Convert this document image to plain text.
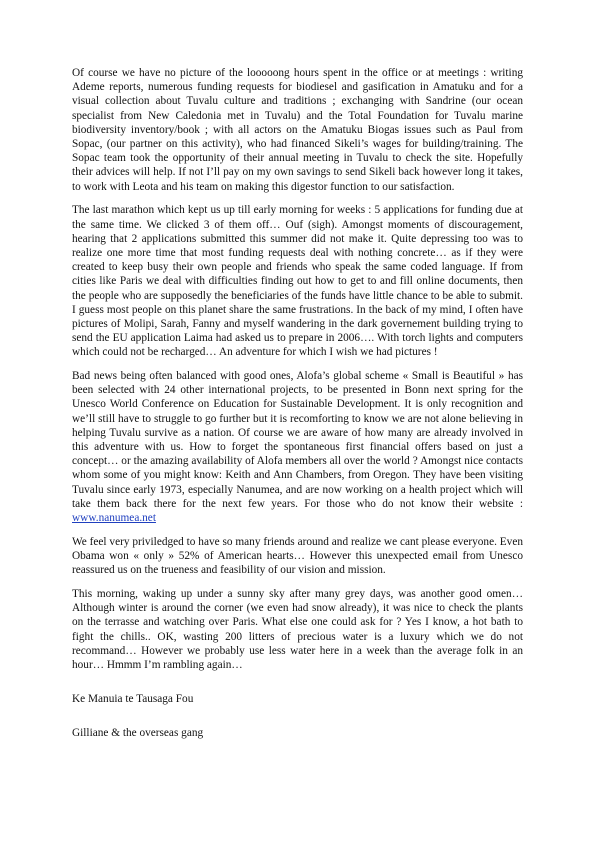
Of course we have no picture of the looooong hours spent in the office or at meetings : writing Ademe reports, numerous funding requests for biodiesel and gasification in Amatuku and for a visual collection about Tuvalu culture and traditions ; exchanging with Sandrine (our ocean specialist from New Caledonia met in Tuvalu) and the Total Foundation for Tuvalu marine biodiversity inventory/book ; with all actors on the Amatuku Biogas issues such as Paul from Sopac, (our partner on this activity), who had financed Sikeli’s wages for building/training. The Sopac team took the opportunity of their annual meeting in Tuvalu to check the site. Hopefully their advices will help. If not I’ll pay on my own savings to send Sikeli back however long it takes, to work with Leota and his team on making this digestor function to our satisfaction.

The last marathon which kept us up till early morning for weeks : 5 applications for funding due at the same time. We clicked 3 of them off… Ouf (sigh). Amongst moments of discouragement, hearing that 2 applications submitted this summer did not make it. Quite depressing too was to realize one more time that most funding requests deal with nothing concrete… as if they were created to keep busy their own people and friends who speak the same coded language. If from cities like Paris we deal with difficulties finding out how to get to and fill online documents, then the people who are supposedly the beneficiaries of the funds have little chance to be able to submit. I guess most people on this planet share the same frustrations. In the back of my mind, I often have pictures of Molipi, Sarah, Fanny and myself wandering in the dark governement building trying to send the EU application Laima had asked us to prepare in 2006…. With torch lights and computers which could not be recharged… An adventure for which I wish we had pictures !

Bad news being often balanced with good ones, Alofa’s global scheme « Small is Beautiful » has been selected with 24 other international projects, to be presented in Bonn next spring for the Unesco World Conference on Education for Sustainable Development. It is only recognition and we’ll still have to struggle to go further but it is recomforting to know we are not alone believing in helping Tuvalu survive as a nation. Of course we are aware of how many are already involved in this adventure with us. How to forget the spontaneous first financial offers based on just a concept… or the amazing availability of Alofa members all over the world ? Amongst nice contacts whom some of you might know: Keith and Ann Chambers, from Oregon. They have been visiting Tuvalu since early 1973, especially Nanumea, and are now working on a health project which will take them back there for the next few years. For those who do not know their website : www.nanumea.net

We feel very priviledged to have so many friends around and realize we cant please everyone. Even Obama won « only » 52% of American hearts… However this unexpected email from Unesco reassured us on the trueness and feasibility of our vision and mission.

This morning, waking up under a sunny sky after many grey days, was another good omen… Although winter is around the corner (we even had snow already), it was nice to check the plants on the terrasse and watching over Paris. What else one could ask for ? Yes I know, a hot bath to fight the chills.. OK, wasting 200 litters of precious water is a luxury which we do not recommand… However we probably use less water here in a week than the average folk in an hour… Hmmm I’m rambling again…

Ke Manuia te Tausaga Fou

Gilliane & the overseas gang
